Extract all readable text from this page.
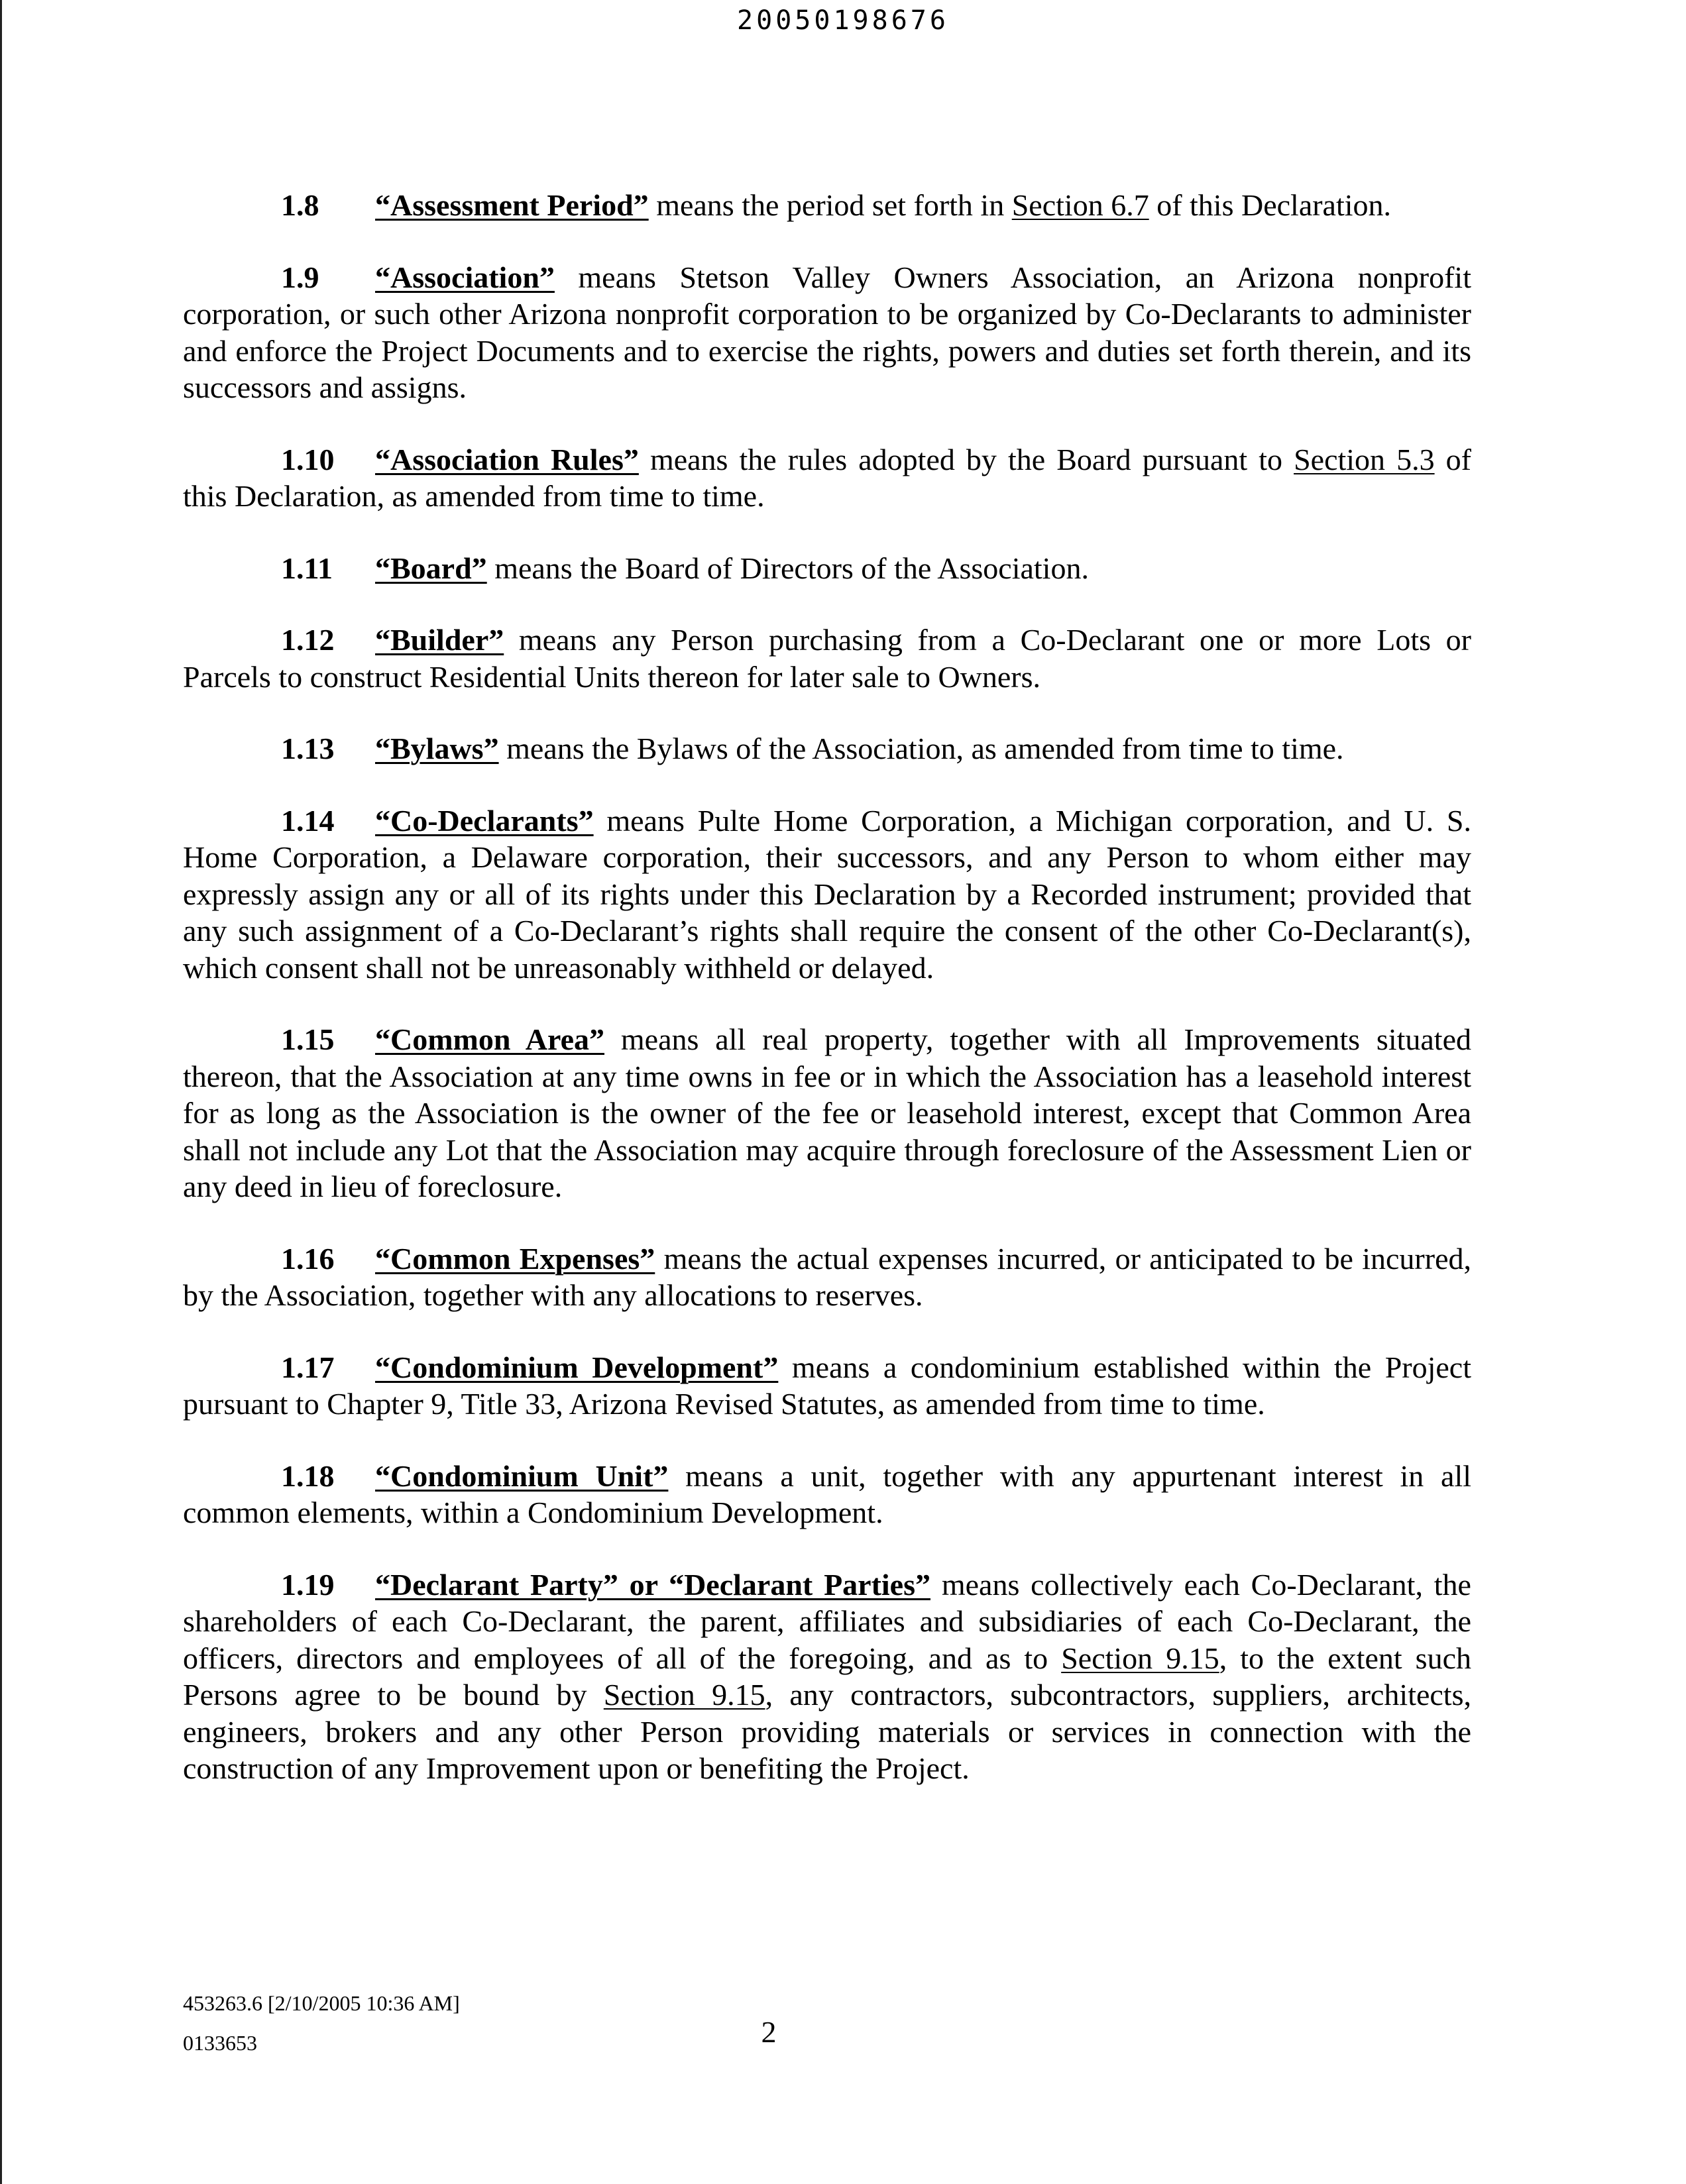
20050198676

1.8 “Assessment Period” means the period set forth in Section 6.7 of this Declaration.

1.9 “Association” means Stetson Valley Owners Association, an Arizona nonprofit corporation, or such other Arizona nonprofit corporation to be organized by Co-Declarants to administer and enforce the Project Documents and to exercise the rights, powers and duties set forth therein, and its successors and assigns.

1.10 “Association Rules” means the rules adopted by the Board pursuant to Section 5.3 of this Declaration, as amended from time to time.

1.11 “Board” means the Board of Directors of the Association.

1.12 “Builder” means any Person purchasing from a Co-Declarant one or more Lots or Parcels to construct Residential Units thereon for later sale to Owners.

1.13 “Bylaws” means the Bylaws of the Association, as amended from time to time.

1.14 “Co-Declarants” means Pulte Home Corporation, a Michigan corporation, and U. S. Home Corporation, a Delaware corporation, their successors, and any Person to whom either may expressly assign any or all of its rights under this Declaration by a Recorded instrument; provided that any such assignment of a Co-Declarant’s rights shall require the consent of the other Co-Declarant(s), which consent shall not be unreasonably withheld or delayed.

1.15 “Common Area” means all real property, together with all Improvements situated thereon, that the Association at any time owns in fee or in which the Association has a leasehold interest for as long as the Association is the owner of the fee or leasehold interest, except that Common Area shall not include any Lot that the Association may acquire through foreclosure of the Assessment Lien or any deed in lieu of foreclosure.

1.16 “Common Expenses” means the actual expenses incurred, or anticipated to be incurred, by the Association, together with any allocations to reserves.

1.17 “Condominium Development” means a condominium established within the Project pursuant to Chapter 9, Title 33, Arizona Revised Statutes, as amended from time to time.

1.18 “Condominium Unit” means a unit, together with any appurtenant interest in all common elements, within a Condominium Development.

1.19 “Declarant Party” or “Declarant Parties” means collectively each Co-Declarant, the shareholders of each Co-Declarant, the parent, affiliates and subsidiaries of each Co-Declarant, the officers, directors and employees of all of the foregoing, and as to Section 9.15, to the extent such Persons agree to be bound by Section 9.15, any contractors, subcontractors, suppliers, architects, engineers, brokers and any other Person providing materials or services in connection with the construction of any Improvement upon or benefiting the Project.

453263.6 [2/10/2005 10:36 AM]
0133653	2
